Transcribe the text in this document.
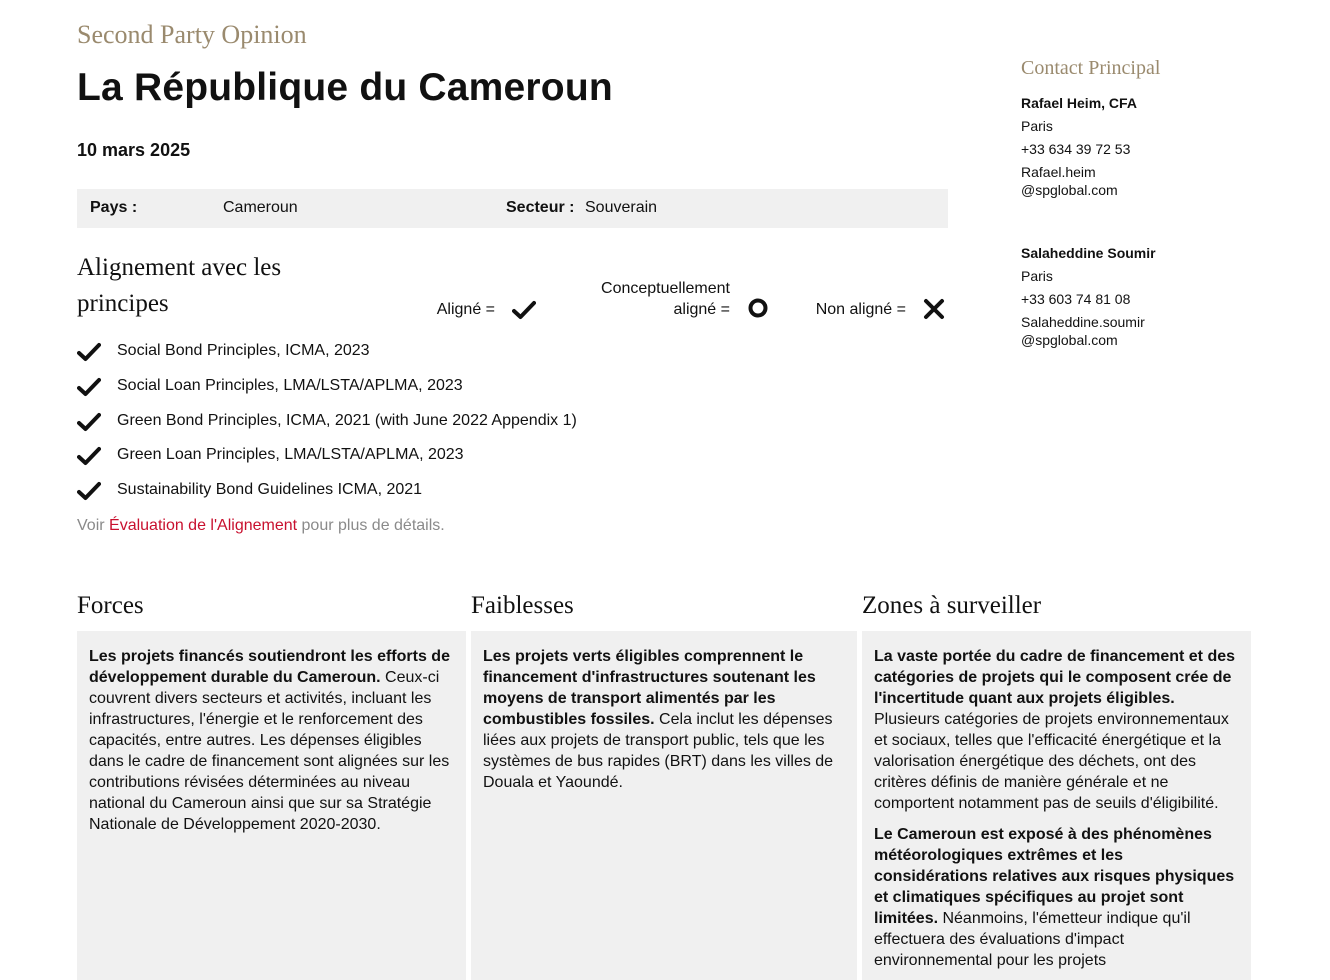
Second Party Opinion
La République du Cameroun
10 mars 2025
Pays :	Cameroun	Secteur : Souverain
Alignement avec les
principes	Aligné =
Conceptuellement
aligné =	Non aligné =
Social Bond Principles, ICMA, 2023
Social Loan Principles, LMA/LSTA/APLMA, 2023
Green Bond Principles, ICMA, 2021 (with June 2022 Appendix 1)
Green Loan Principles, LMA/LSTA/APLMA, 2023
Sustainability Bond Guidelines ICMA, 2021
Voir Évaluation de l'Alignement pour plus de détails.
Contact Principal
Rafael Heim, CFA
Paris
+33 634 39 72 53
Rafael.heim
@spglobal.com
Salaheddine Soumir
Paris
+33 603 74 81 08
Salaheddine.soumir
@spglobal.com
Forces

Les projets financés soutiendront les efforts de développement durable du Cameroun. Ceux-ci couvrent divers secteurs et activités, incluant les infrastructures, l'énergie et le renforcement des capacités, entre autres. Les dépenses éligibles dans le cadre de financement sont alignées sur les contributions révisées déterminées au niveau national du Cameroun ainsi que sur sa Stratégie Nationale de Développement 2020-2030.

Faiblesses

Les projets verts éligibles comprennent le financement d'infrastructures soutenant les moyens de transport alimentés par les combustibles fossiles. Cela inclut les dépenses liées aux projets de transport public, tels que les systèmes de bus rapides (BRT) dans les villes de Douala et Yaoundé.

Zones à surveiller

La vaste portée du cadre de financement et des catégories de projets qui le composent crée de l'incertitude quant aux projets éligibles. Plusieurs catégories de projets environnementaux et sociaux, telles que l'efficacité énergétique et la valorisation énergétique des déchets, ont des critères définis de manière générale et ne comportent notamment pas de seuils d'éligibilité.

Le Cameroun est exposé à des phénomènes météorologiques extrêmes et les considérations relatives aux risques physiques et climatiques spécifiques au projet sont limitées. Néanmoins, l'émetteur indique qu'il effectuera des évaluations d'impact environnemental pour les projets
